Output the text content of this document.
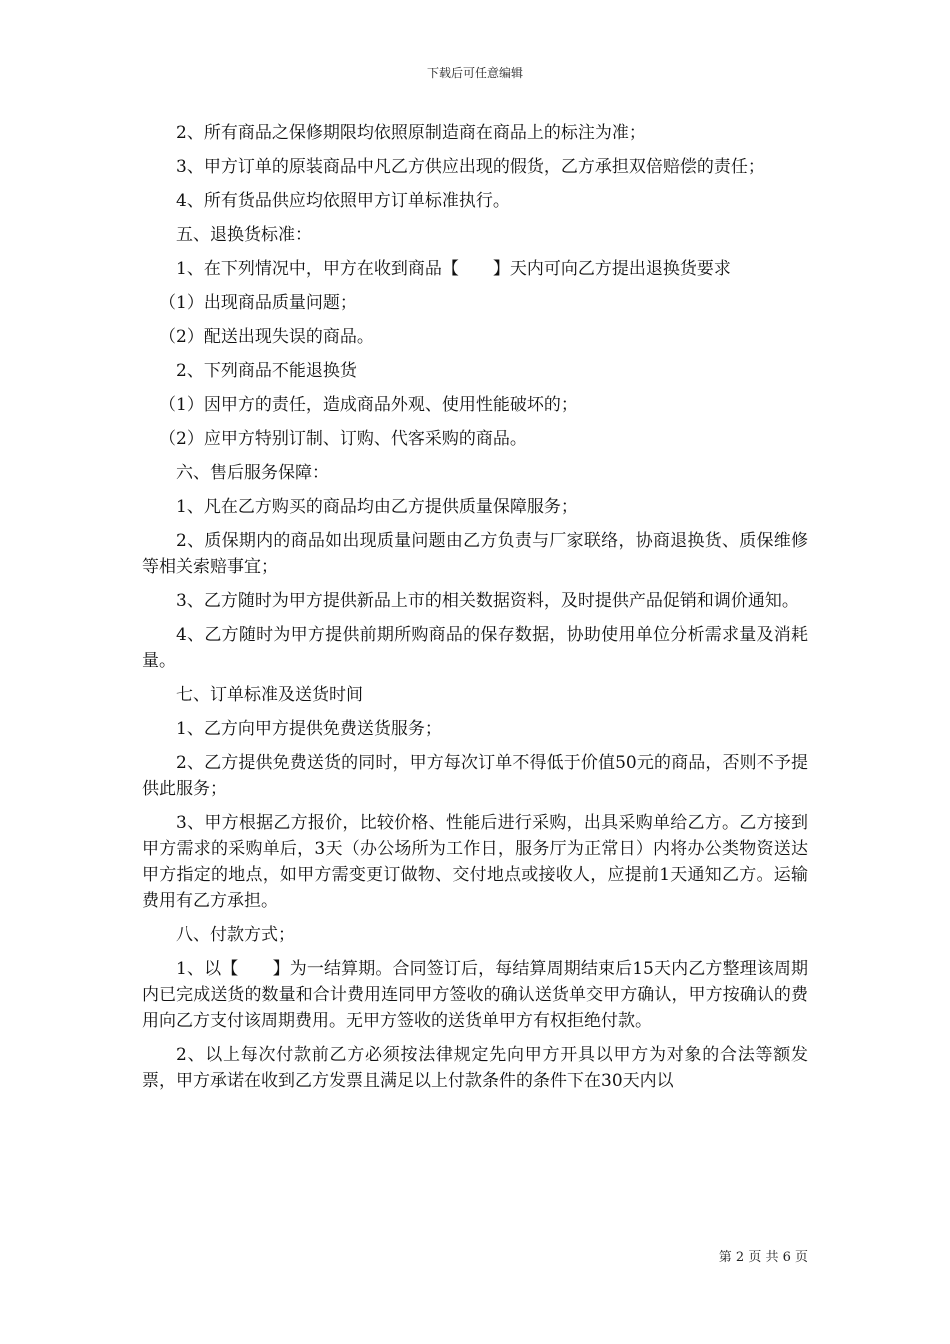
下载后可任意编辑

2、所有商品之保修期限均依照原制造商在商品上的标注为准；

3、甲方订单的原装商品中凡乙方供应出现的假货，乙方承担双倍赔偿的责任；

4、所有货品供应均依照甲方订单标准执行。

五、退换货标准：

1、在下列情况中，甲方在收到商品【　　】天内可向乙方提出退换货要求

（1）出现商品质量问题；

（2）配送出现失误的商品。

2、下列商品不能退换货

（1）因甲方的责任，造成商品外观、使用性能破坏的；

（2）应甲方特别订制、订购、代客采购的商品。

六、售后服务保障：

1、凡在乙方购买的商品均由乙方提供质量保障服务；

2、质保期内的商品如出现质量问题由乙方负责与厂家联络，协商退换货、质保维修等相关索赔事宜；

3、乙方随时为甲方提供新品上市的相关数据资料，及时提供产品促销和调价通知。

4、乙方随时为甲方提供前期所购商品的保存数据，协助使用单位分析需求量及消耗量。

七、订单标准及送货时间

1、乙方向甲方提供免费送货服务；

2、乙方提供免费送货的同时，甲方每次订单不得低于价值50元的商品，否则不予提供此服务；

3、甲方根据乙方报价，比较价格、性能后进行采购，出具采购单给乙方。乙方接到甲方需求的采购单后，3天（办公场所为工作日，服务厅为正常日）内将办公类物资送达甲方指定的地点，如甲方需变更订做物、交付地点或接收人，应提前1天通知乙方。运输费用有乙方承担。

八、付款方式；

1、以【　　】为一结算期。合同签订后，每结算周期结束后15天内乙方整理该周期内已完成送货的数量和合计费用连同甲方签收的确认送货单交甲方确认，甲方按确认的费用向乙方支付该周期费用。无甲方签收的送货单甲方有权拒绝付款。

2、以上每次付款前乙方必须按法律规定先向甲方开具以甲方为对象的合法等额发票，甲方承诺在收到乙方发票且满足以上付款条件的条件下在30天内以

第 2 页 共 6 页
